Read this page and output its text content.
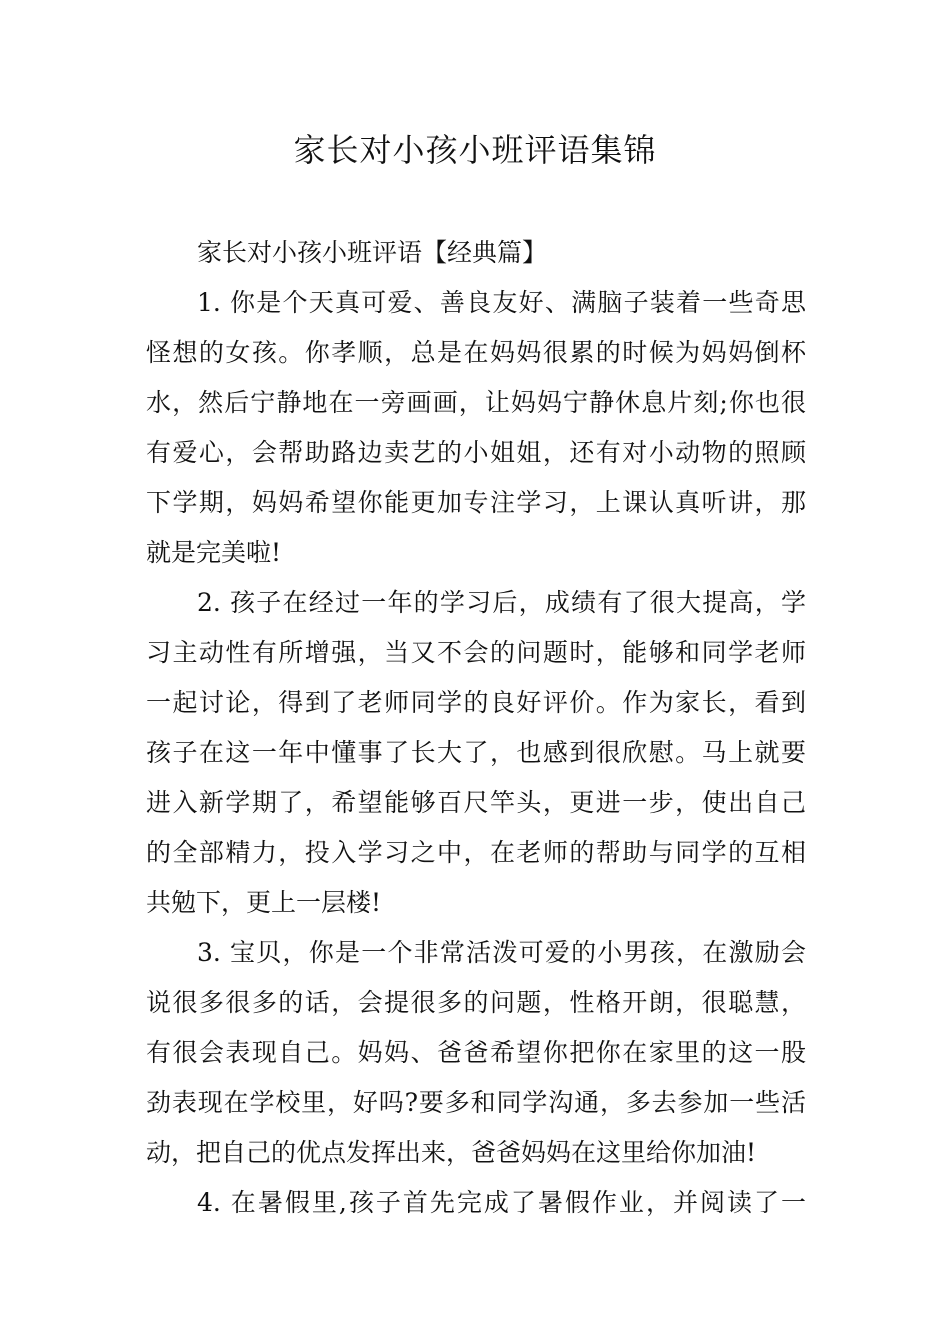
家长对小孩小班评语集锦
家长对小孩小班评语【经典篇】
1. 你是个天真可爱、善良友好、满脑子装着一些奇思
怪想的女孩。你孝顺，总是在妈妈很累的时候为妈妈倒杯
水，然后宁静地在一旁画画，让妈妈宁静休息片刻;你也很
有爱心，会帮助路边卖艺的小姐姐，还有对小动物的照顾
下学期，妈妈希望你能更加专注学习，上课认真听讲，那
就是完美啦!
2. 孩子在经过一年的学习后，成绩有了很大提高，学
习主动性有所增强，当又不会的问题时，能够和同学老师
一起讨论，得到了老师同学的良好评价。作为家长，看到
孩子在这一年中懂事了长大了，也感到很欣慰。马上就要
进入新学期了，希望能够百尺竿头，更进一步，使出自己
的全部精力，投入学习之中，在老师的帮助与同学的互相
共勉下，更上一层楼!
3. 宝贝，你是一个非常活泼可爱的小男孩，在激励会
说很多很多的话，会提很多的问题，性格开朗，很聪慧，
有很会表现自己。妈妈、爸爸希望你把你在家里的这一股
劲表现在学校里，好吗?要多和同学沟通，多去参加一些活
动，把自己的优点发挥出来，爸爸妈妈在这里给你加油!
4. 在暑假里,孩子首先完成了暑假作业，并阅读了一
